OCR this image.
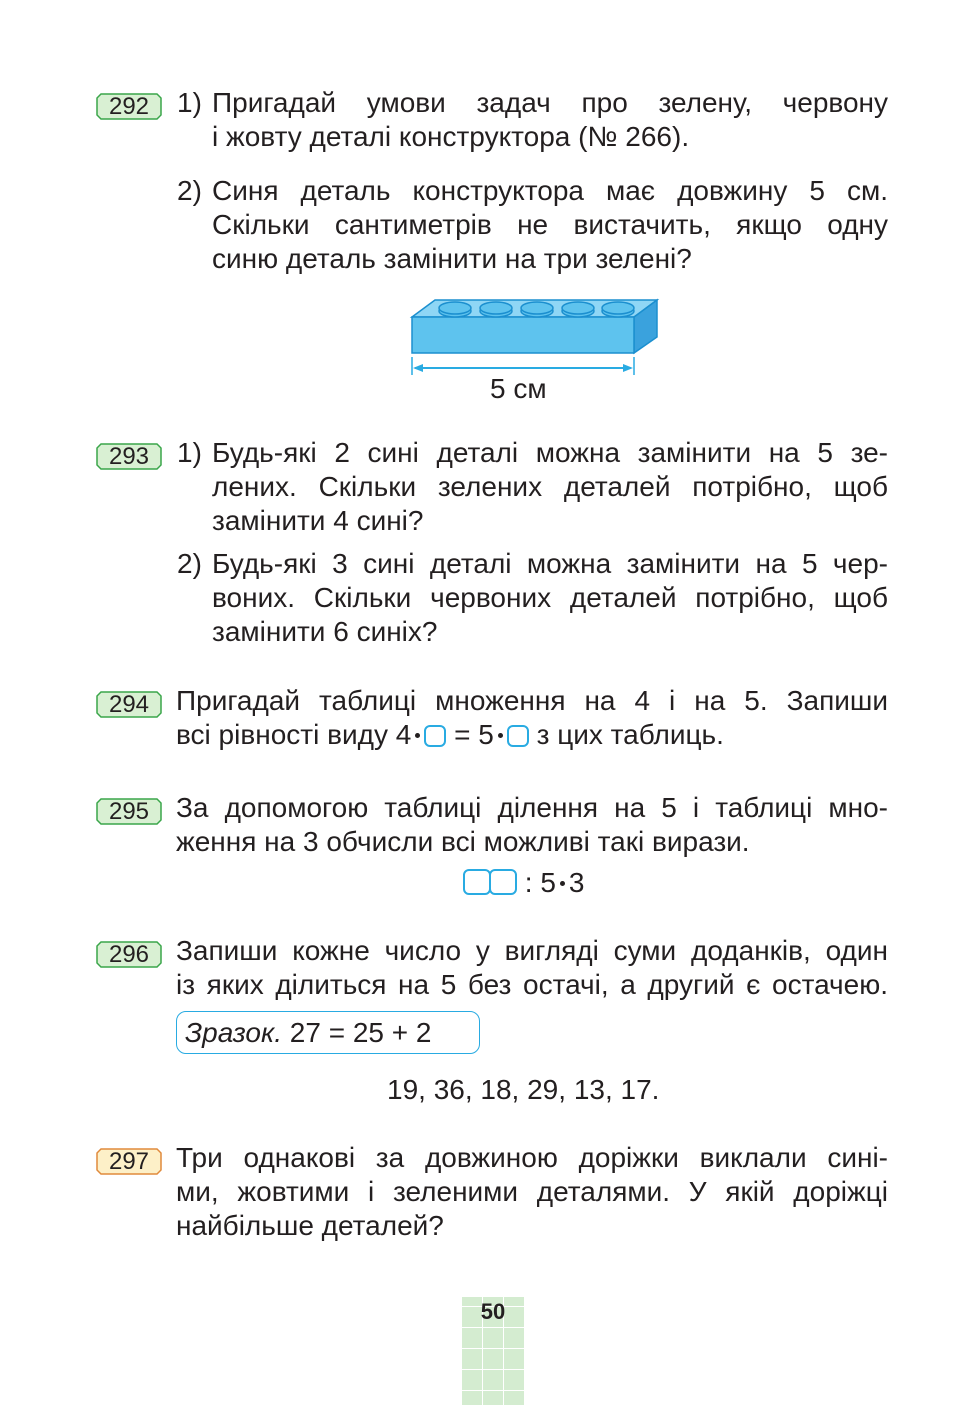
292 1) Пригадай умови задач про зелену, червону
і жовту деталі конструктора (№ 266).
2) Синя деталь конструктора має довжину 5 см.
Скільки сантиметрів не вистачить, якщо одну
синю деталь замінити на три зелені?
5 см
293 1) Будь-які 2 сині деталі можна замінити на 5 зе-
лених. Скільки зелених деталей потрібно, щоб
замінити 4 сині?
2) Будь-які 3 сині деталі можна замінити на 5 чер-
воних. Скільки червоних деталей потрібно, щоб
замінити 6 синіх?
294 Пригадай таблиці множення на 4 і на 5. Запиши
всі рівності виду 4 = 5 з цих таблиць.
295 За допомогою таблиці ділення на 5 і таблиці мно-
ження на 3 обчисли всі можливі такі вирази.
: 5 3
296 Запиши кожне число у вигляді суми доданків, один
із яких ділиться на 5 без остачі, а другий є остачею.
Зразок. 27 = 25 + 2
19, 36, 18, 29, 13, 17.
297 Три однакові за довжиною доріжки виклали сині-
ми, жовтими і зеленими деталями. У якій доріжці
найбільше деталей?
50
